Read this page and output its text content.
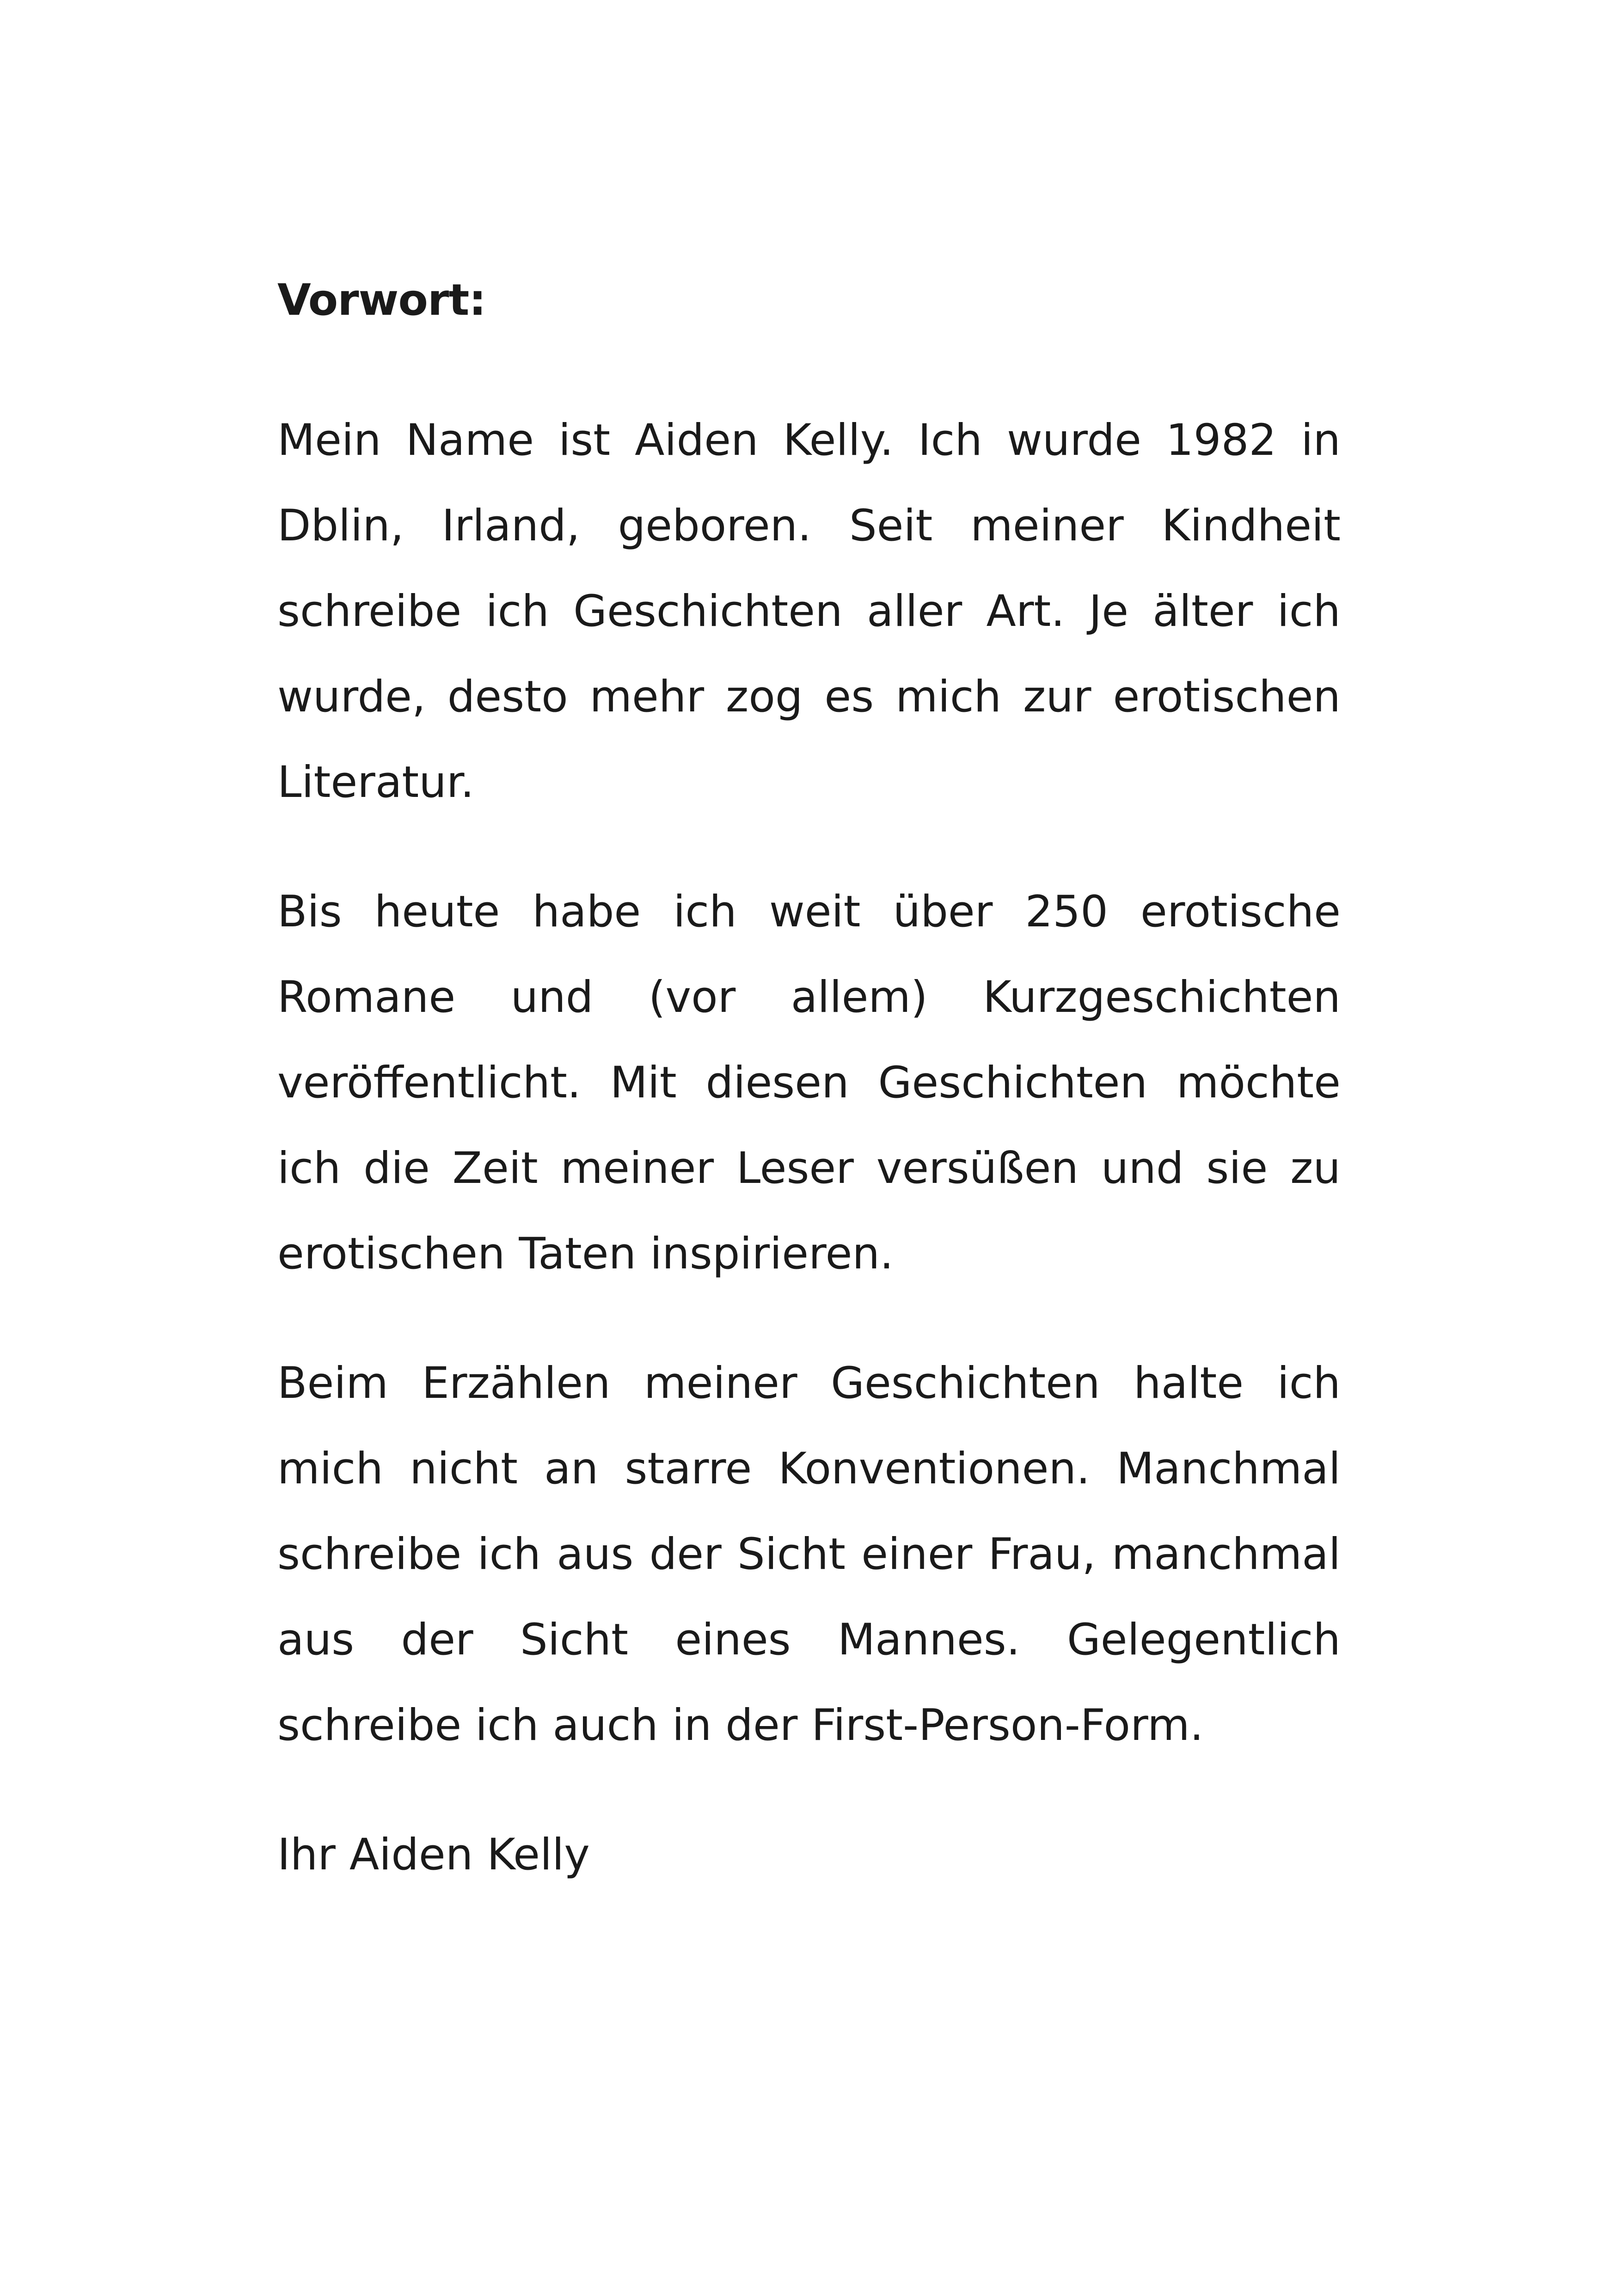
Vorwort:

Mein Name ist Aiden Kelly. Ich wurde 1982 in Dblin, Irland, geboren. Seit meiner Kindheit schreibe ich Geschichten aller Art. Je älter ich wurde, desto mehr zog es mich zur erotischen Literatur.

Bis heute habe ich weit über 250 erotische Romane und (vor allem) Kurzgeschichten veröffentlicht. Mit diesen Geschichten möchte ich die Zeit meiner Leser versüßen und sie zu erotischen Taten inspirieren.

Beim Erzählen meiner Geschichten halte ich mich nicht an starre Konventionen. Manchmal schreibe ich aus der Sicht einer Frau, manchmal aus der Sicht eines Mannes. Gelegentlich schreibe ich auch in der First-Person-Form.

Ihr Aiden Kelly
